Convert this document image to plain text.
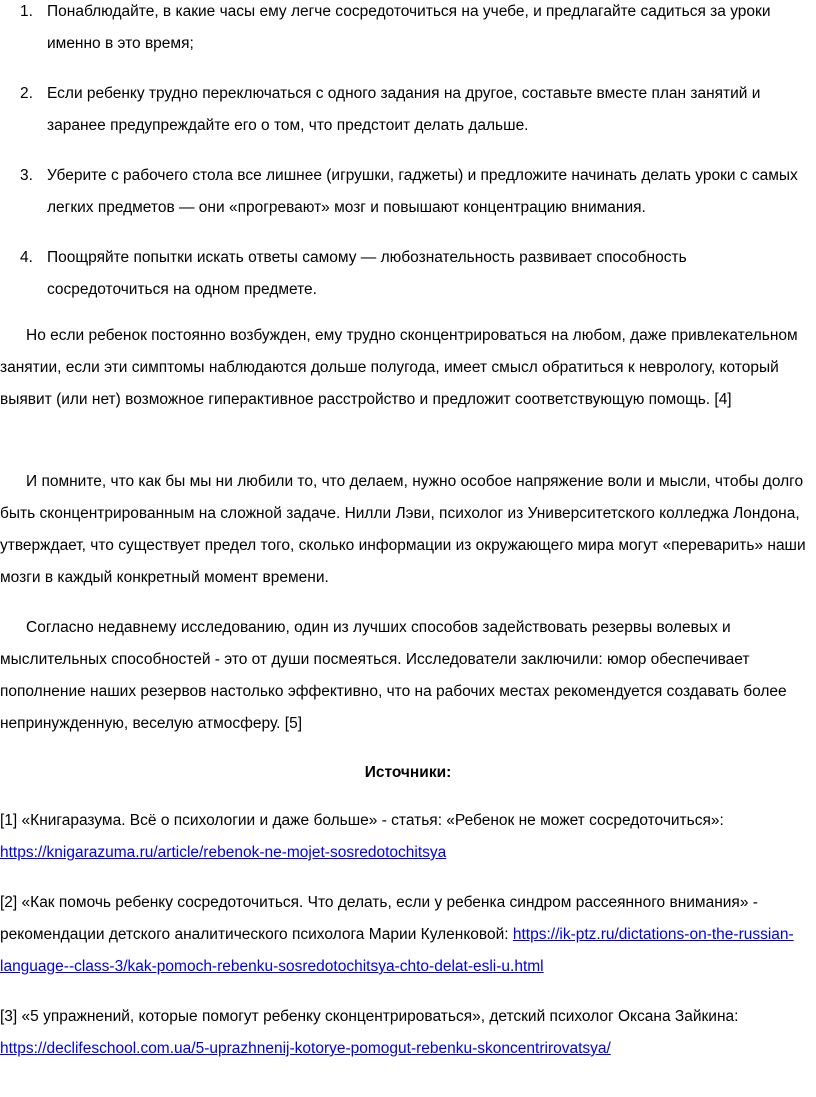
1. Понаблюдайте, в какие часы ему легче сосредоточиться на учебе, и предлагайте садиться за уроки именно в это время;
2. Если ребенку трудно переключаться с одного задания на другое, составьте вместе план занятий и заранее предупреждайте его о том, что предстоит делать дальше.
3. Уберите с рабочего стола все лишнее (игрушки, гаджеты) и предложите начинать делать уроки с самых легких предметов — они «прогревают» мозг и повышают концентрацию внимания.
4. Поощряйте попытки искать ответы самому — любознательность развивает способность сосредоточиться на одном предмете.

Но если ребенок постоянно возбужден, ему трудно сконцентрироваться на любом, даже привлекательном занятии, если эти симптомы наблюдаются дольше полугода, имеет смысл обратиться к неврологу, который выявит (или нет) возможное гиперактивное расстройство и предложит соответствующую помощь. [4]

И помните, что как бы мы ни любили то, что делаем, нужно особое напряжение воли и мысли, чтобы долго быть сконцентрированным на сложной задаче. Нилли Лэви, психолог из Университетского колледжа Лондона, утверждает, что существует предел того, сколько информации из окружающего мира могут «переварить» наши мозги в каждый конкретный момент времени.

Согласно недавнему исследованию, один из лучших способов задействовать резервы волевых и мыслительных способностей - это от души посмеяться. Исследователи заключили: юмор обеспечивает пополнение наших резервов настолько эффективно, что на рабочих местах рекомендуется создавать более непринужденную, веселую атмосферу. [5]

Источники:

[1] «Книгаразума. Всё о психологии и даже больше» - статья: «Ребенок не может сосредоточиться»: https://knigarazuma.ru/article/rebenok-ne-mojet-sosredotochitsya

[2] «Как помочь ребенку сосредоточиться. Что делать, если у ребенка синдром рассеянного внимания» - рекомендации детского аналитического психолога Марии Куленковой: https://ik-ptz.ru/dictations-on-the-russian-language--class-3/kak-pomoch-rebenku-sosredotochitsya-chto-delat-esli-u.html

[3] «5 упражнений, которые помогут ребенку сконцентрироваться», детский психолог Оксана Зайкина: https://declifeschool.com.ua/5-uprazhnenij-kotorye-pomogut-rebenku-skoncentrirovatsya/
